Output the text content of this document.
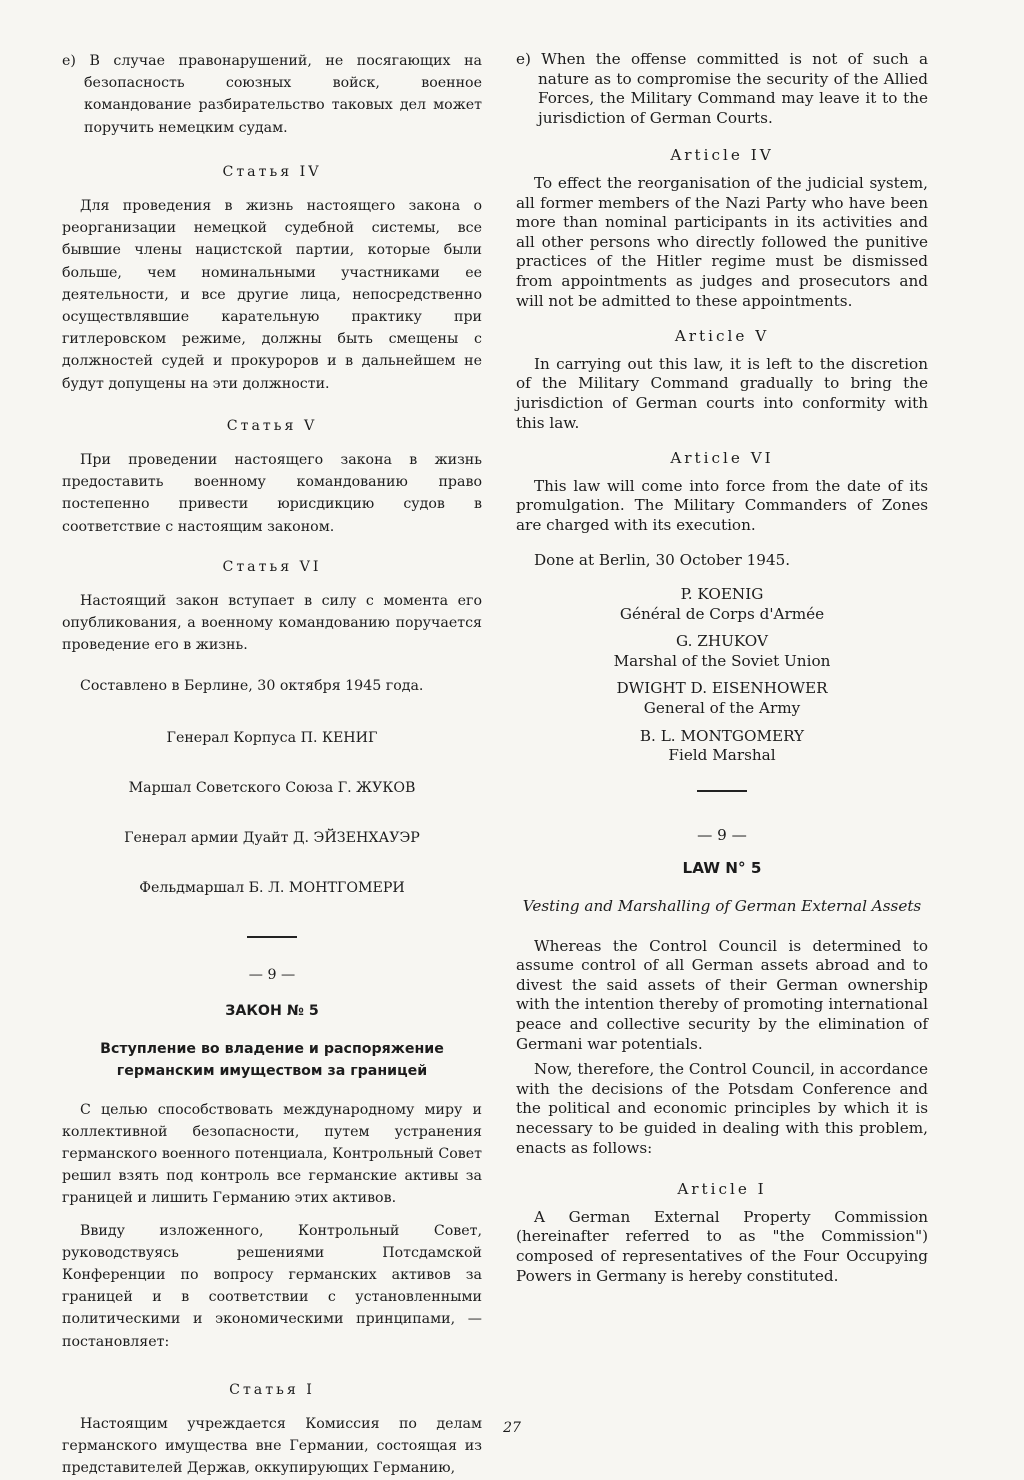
е) В случае правонарушений, не посягающих на безопасность союзных войск, военное командование разбирательство таковых дел может поручить немецким судам.

Статья IV

Для проведения в жизнь настоящего закона о реорганизации немецкой судебной системы, все бывшие члены нацистской партии, которые были больше, чем номинальными участниками ее деятельности, и все другие лица, непосредственно осуществлявшие карательную практику при гитлеровском режиме, должны быть смещены с должностей судей и прокуроров и в дальнейшем не будут допущены на эти должности.

Статья V

При проведении настоящего закона в жизнь предоставить военному командованию право постепенно привести юрисдикцию судов в соответствие с настоящим законом.

Статья VI

Настоящий закон вступает в силу с момента его опубликования, а военному командованию поручается проведение его в жизнь.

Составлено в Берлине, 30 октября 1945 года.

Генерал Корпуса П. КЕНИГ

Маршал Советского Союза Г. ЖУКОВ

Генерал армии Дуайт Д. ЭЙЗЕНХАУЭР

Фельдмаршал Б. Л. МОНТГОМЕРИ

— 9 —

ЗАКОН № 5

Вступление во владение и распоряжение германским имуществом за границей

С целью способствовать международному миру и коллективной безопасности, путем устранения германского военного потенциала, Контрольный Совет решил взять под контроль все германские активы за границей и лишить Германию этих активов.

Ввиду изложенного, Контрольный Совет, руководствуясь решениями Потсдамской Конференции по вопросу германских активов за границей и в соответствии с установленными политическими и экономическими принципами, — постановляет:

Статья I

Настоящим учреждается Комиссия по делам германского имущества вне Германии, состоящая из представителей Держав, оккупирующих Германию,

e) When the offense committed is not of such a nature as to compromise the security of the Allied Forces, the Military Command may leave it to the jurisdiction of German Courts.

Article IV

To effect the reorganisation of the judicial system, all former members of the Nazi Party who have been more than nominal participants in its activities and all other persons who directly followed the punitive practices of the Hitler regime must be dismissed from appointments as judges and prosecutors and will not be admitted to these appointments.

Article V

In carrying out this law, it is left to the discretion of the Military Command gradually to bring the jurisdiction of German courts into conformity with this law.

Article VI

This law will come into force from the date of its promulgation. The Military Commanders of Zones are charged with its execution.

Done at Berlin, 30 October 1945.

P. KOENIG

Général de Corps d'Armée

G. ZHUKOV

Marshal of the Soviet Union

DWIGHT D. EISENHOWER

General of the Army

B. L. MONTGOMERY

Field Marshal

— 9 —

LAW N° 5

Vesting and Marshalling of German External Assets

Whereas the Control Council is determined to assume control of all German assets abroad and to divest the said assets of their German ownership with the intention thereby of promoting international peace and collective security by the elimination of Germani war potentials.

Now, therefore, the Control Council, in accordance with the decisions of the Potsdam Conference and the political and economic principles by which it is necessary to be guided in dealing with this problem, enacts as follows:

Article I

A German External Property Commission (hereinafter referred to as "the Commission") composed of representatives of the Four Occupying Powers in Germany is hereby constituted.

27
